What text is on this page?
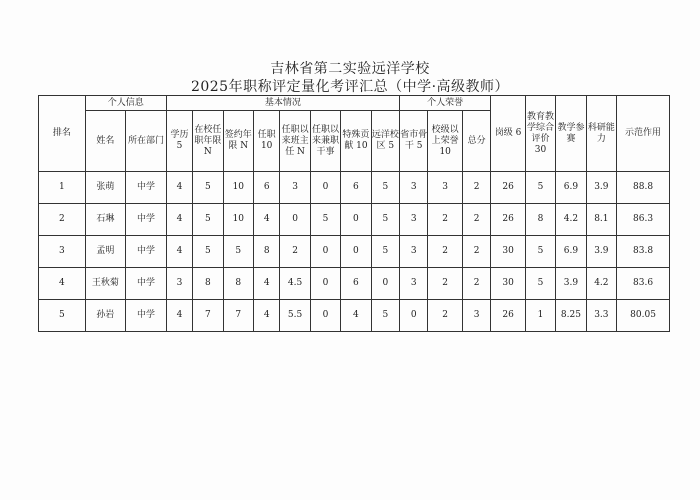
吉林省第二实验远洋学校
2025年职称评定量化考评汇总（中学·高级教师）
排名	个人信息		基本情况								个人荣誉			岗级 6	教育教学综合评价 30	教学参赛	科研能力	示范作用
	姓名	所在部门	学历 5	在校任职年限 N	签约年限 N	任职 10	任职以来班主任 N	任职以来兼职干事	特殊贡献 10	远洋校区 5	省市骨干 5	校级以上荣誉 10	总分					
1	张萌	中学	4	5	10	6	3	0	6	5	3	3	2	26	5	6.9	3.9	88.8
2	石琳	中学	4	5	10	4	0	5	0	5	3	2	2	26	8	4.2	8.1	86.3
3	孟明	中学	4	5	5	8	2	0	0	5	3	2	2	30	5	6.9	3.9	83.8
4	王秋菊	中学	3	8	8	4	4.5	0	6	0	3	2	2	30	5	3.9	4.2	83.6
5	孙岩	中学	4	7	7	4	5.5	0	4	5	0	2	3	26	1	8.25	3.3	80.05
